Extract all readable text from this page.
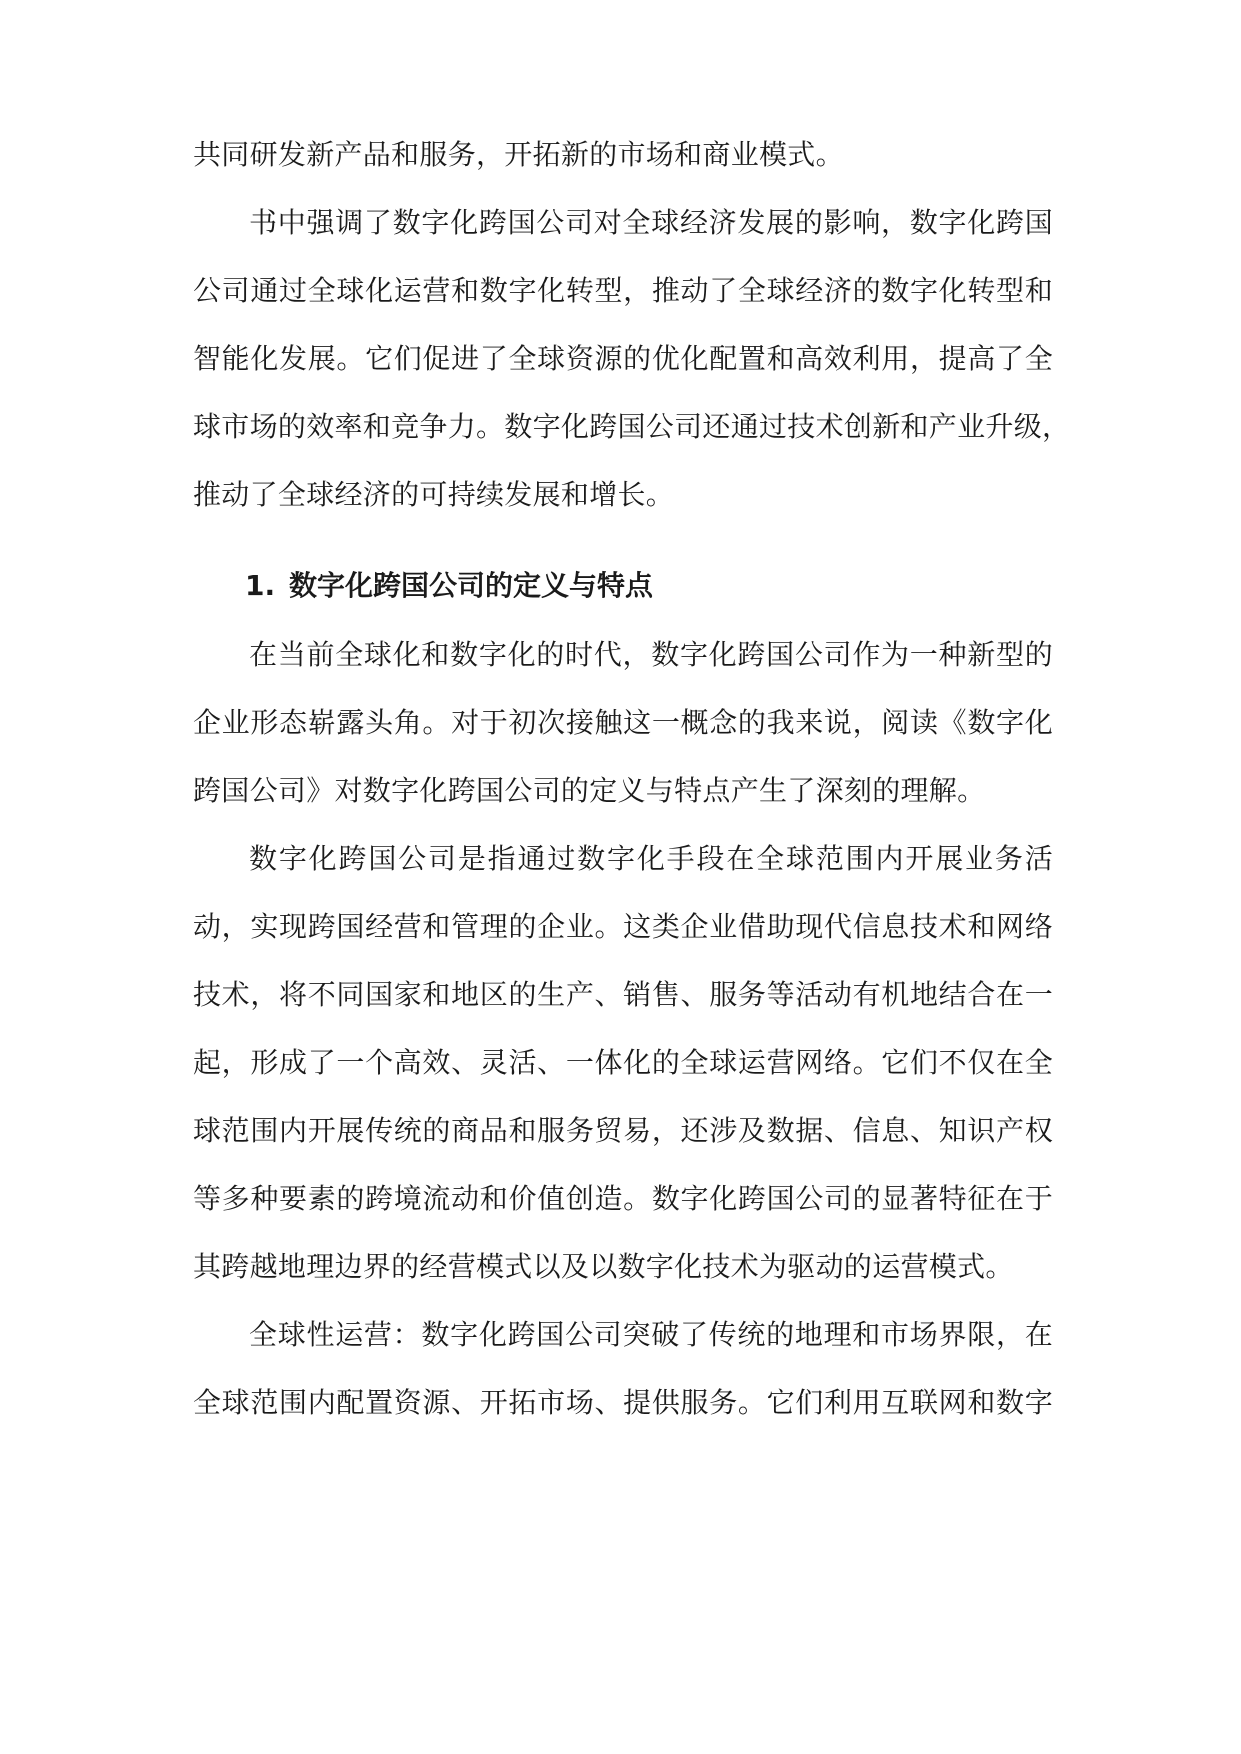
共同研发新产品和服务，开拓新的市场和商业模式。
书中强调了数字化跨国公司对全球经济发展的影响，数字化跨国
公司通过全球化运营和数字化转型，推动了全球经济的数字化转型和
智能化发展。它们促进了全球资源的优化配置和高效利用，提高了全
球市场的效率和竞争力。数字化跨国公司还通过技术创新和产业升级，
推动了全球经济的可持续发展和增长。
1. 数字化跨国公司的定义与特点
在当前全球化和数字化的时代，数字化跨国公司作为一种新型的
企业形态崭露头角。对于初次接触这一概念的我来说，阅读《数字化
跨国公司》对数字化跨国公司的定义与特点产生了深刻的理解。
数字化跨国公司是指通过数字化手段在全球范围内开展业务活
动，实现跨国经营和管理的企业。这类企业借助现代信息技术和网络
技术，将不同国家和地区的生产、销售、服务等活动有机地结合在一
起，形成了一个高效、灵活、一体化的全球运营网络。它们不仅在全
球范围内开展传统的商品和服务贸易，还涉及数据、信息、知识产权
等多种要素的跨境流动和价值创造。数字化跨国公司的显著特征在于
其跨越地理边界的经营模式以及以数字化技术为驱动的运营模式。
全球性运营：数字化跨国公司突破了传统的地理和市场界限，在
全球范围内配置资源、开拓市场、提供服务。它们利用互联网和数字
